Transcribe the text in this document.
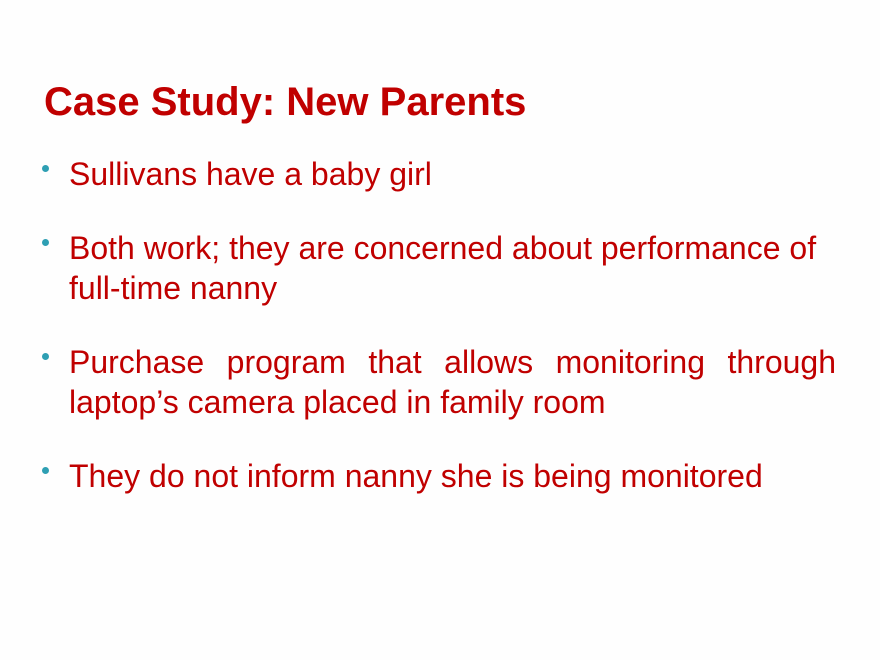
Case Study: New Parents
Sullivans have a baby girl
Both work; they are concerned about performance of full-time nanny
Purchase program that allows monitoring through laptop’s camera placed in family room
They do not inform nanny she is being monitored
